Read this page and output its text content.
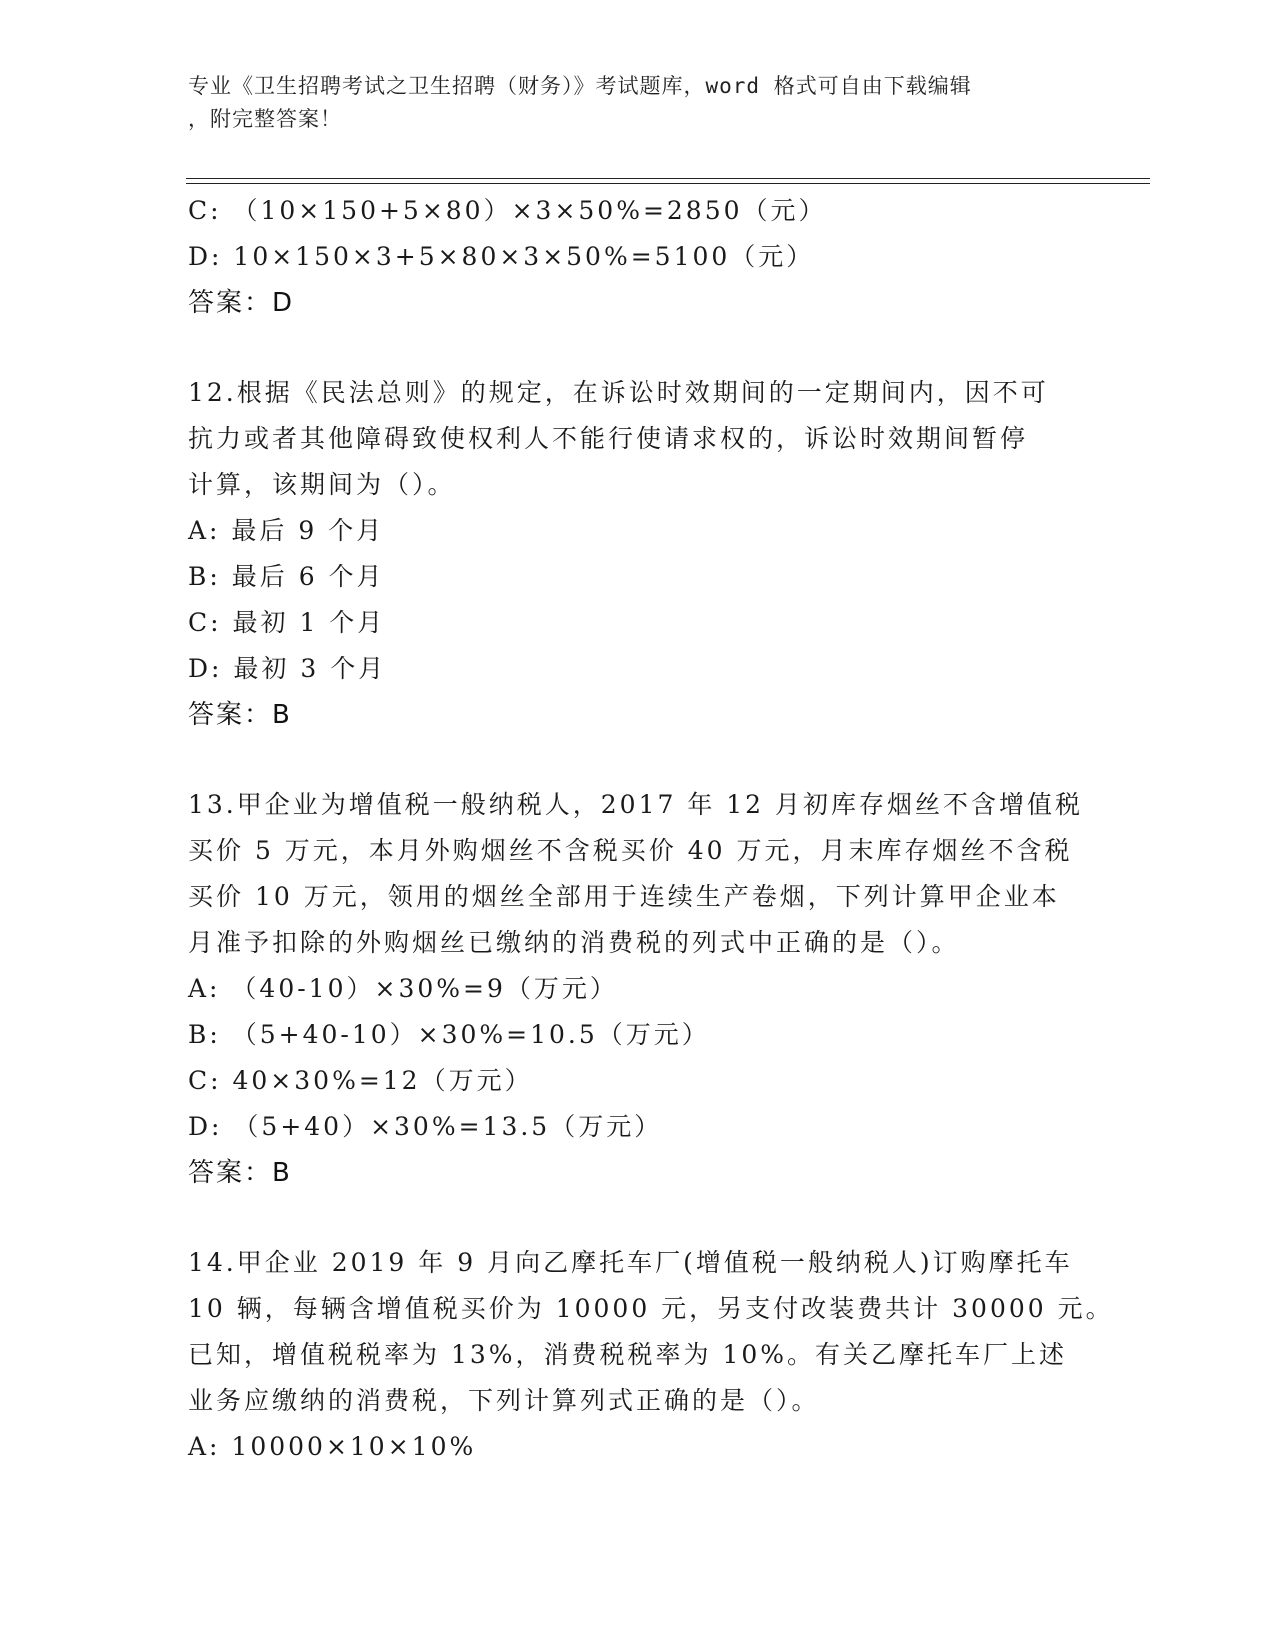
专业《卫生招聘考试之卫生招聘（财务）》考试题库，word 格式可自由下载编辑
，附完整答案！
C: （10×150+5×80）×3×50%=2850（元）
D: 10×150×3+5×80×3×50%=5100（元）
答案：D
12.根据《民法总则》的规定，在诉讼时效期间的一定期间内，因不可
抗力或者其他障碍致使权利人不能行使请求权的，诉讼时效期间暂停
计算，该期间为（）。
A: 最后 9 个月
B: 最后 6 个月
C: 最初 1 个月
D: 最初 3 个月
答案：B
13.甲企业为增值税一般纳税人，2017 年 12 月初库存烟丝不含增值税
买价 5 万元，本月外购烟丝不含税买价 40 万元，月末库存烟丝不含税
买价 10 万元，领用的烟丝全部用于连续生产卷烟，下列计算甲企业本
月准予扣除的外购烟丝已缴纳的消费税的列式中正确的是（）。
A: （40-10）×30%=9（万元）
B: （5+40-10）×30%=10.5（万元）
C: 40×30%=12（万元）
D: （5+40）×30%=13.5（万元）
答案：B
14.甲企业 2019 年 9 月向乙摩托车厂(增值税一般纳税人)订购摩托车
10 辆，每辆含增值税买价为 10000 元，另支付改装费共计 30000 元。
已知，增值税税率为 13%，消费税税率为 10%。有关乙摩托车厂上述
业务应缴纳的消费税，下列计算列式正确的是（）。
A: 10000×10×10%
